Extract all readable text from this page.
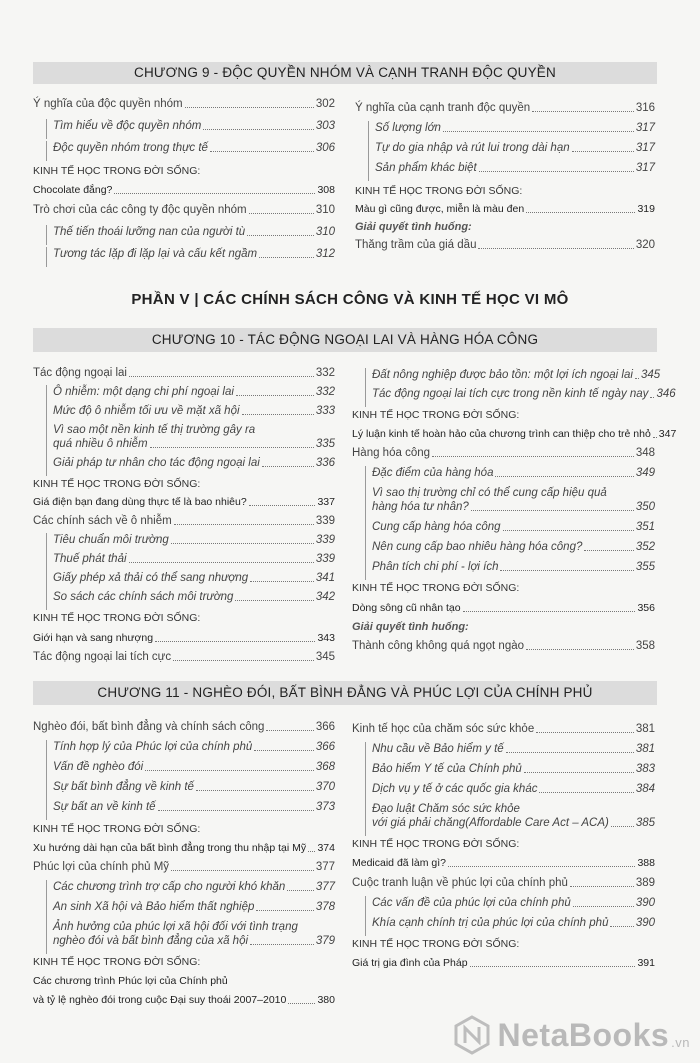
CHƯƠNG 9 - ĐỘC QUYỀN NHÓM VÀ CẠNH TRANH ĐỘC QUYỀN
Ý nghĩa của độc quyền nhóm	302
Tìm hiểu về độc quyền nhóm	303
Độc quyền nhóm trong thực tế	306
KINH TẾ HỌC TRONG ĐỜI SỐNG:
Chocolate đắng?	308
Trò chơi của các công ty độc quyền nhóm	310
Thế tiến thoái lưỡng nan của người tù	310
Tương tác lặp đi lặp lại và cấu kết ngầm	312
Ý nghĩa của cạnh tranh độc quyền	316
Số lượng lớn	317
Tự do gia nhập và rút lui trong dài hạn	317
Sản phẩm khác biệt	317
KINH TẾ HỌC TRONG ĐỜI SỐNG:
Màu gì cũng được, miễn là màu đen	319
Giải quyết tình huống:
Thăng trầm của giá dầu	320
PHẦN V | CÁC CHÍNH SÁCH CÔNG VÀ KINH TẾ HỌC VI MÔ
CHƯƠNG 10 - TÁC ĐỘNG NGOẠI LAI VÀ HÀNG HÓA CÔNG
Tác động ngoại lai	332
Ô nhiễm: một dạng chi phí ngoại lai	332
Mức độ ô nhiễm tối ưu về mặt xã hội	333
Vì sao một nền kinh tế thị trường gây ra
quá nhiều ô nhiễm	335
Giải pháp tư nhân cho tác động ngoại lai	336
KINH TẾ HỌC TRONG ĐỜI SỐNG:
Giá điện bạn đang dùng thực tế là bao nhiêu?	337
Các chính sách về ô nhiễm	339
Tiêu chuẩn môi trường	339
Thuế phát thải	339
Giấy phép xả thải có thể sang nhượng	341
So sách các chính sách môi trường	342
KINH TẾ HỌC TRONG ĐỜI SỐNG:
Giới hạn và sang nhượng	343
Tác động ngoại lai tích cực	345
Đất nông nghiệp được bảo tồn: một lợi ích ngoại lai 345
Tác động ngoại lai tích cực trong nền kinh tế ngày nay 346
KINH TẾ HỌC TRONG ĐỜI SỐNG:
Lý luận kinh tế hoàn hảo của chương trình can thiệp cho trẻ nhỏ 347
Hàng hóa công	348
Đặc điểm của hàng hóa	349
Vì sao thị trường chỉ có thể cung cấp hiệu quả
hàng hóa tư nhân?	350
Cung cấp hàng hóa công	351
Nên cung cấp bao nhiêu hàng hóa công?	352
Phân tích chi phí - lợi ích	355
KINH TẾ HỌC TRONG ĐỜI SỐNG:
Dòng sông cũ nhân tạo	356
Giải quyết tình huống:
Thành công không quá ngọt ngào	358
CHƯƠNG 11 - NGHÈO ĐÓI, BẤT BÌNH ĐẲNG VÀ PHÚC LỢI CỦA CHÍNH PHỦ
Nghèo đói, bất bình đẳng và chính sách công	366
Tính hợp lý của Phúc lợi của chính phủ	366
Vấn đề nghèo đói	368
Sự bất bình đẳng về kinh tế	370
Sự bất an về kinh tế	373
KINH TẾ HỌC TRONG ĐỜI SỐNG:
Xu hướng dài hạn của bất bình đẳng trong thu nhập tại Mỹ 374
Phúc lợi của chính phủ Mỹ	377
Các chương trình trợ cấp cho người khó khăn	377
An sinh Xã hội và Bảo hiểm thất nghiệp	378
Ảnh hưởng của phúc lợi xã hội đối với tình trạng
nghèo đói và bất bình đẳng của xã hội	379
KINH TẾ HỌC TRONG ĐỜI SỐNG:
Các chương trình Phúc lợi của Chính phủ
và tỷ lệ nghèo đói trong cuộc Đại suy thoái 2007–2010	380
Kinh tế học của chăm sóc sức khỏe	381
Nhu cầu về Bảo hiểm y tế	381
Bảo hiểm Y tế của Chính phủ	383
Dịch vụ y tế ở các quốc gia khác	384
Đạo luật Chăm sóc sức khỏe
với giá phải chăng(Affordable Care Act – ACA) 385
KINH TẾ HỌC TRONG ĐỜI SỐNG:
Medicaid đã làm gì?	388
Cuộc tranh luận về phúc lợi của chính phủ	389
Các vấn đề của phúc lợi của chính phủ	390
Khía cạnh chính trị của phúc lợi của chính phủ 390
KINH TẾ HỌC TRONG ĐỜI SỐNG:
Giá trị gia đình của Pháp	391
NetaBooks .vn
